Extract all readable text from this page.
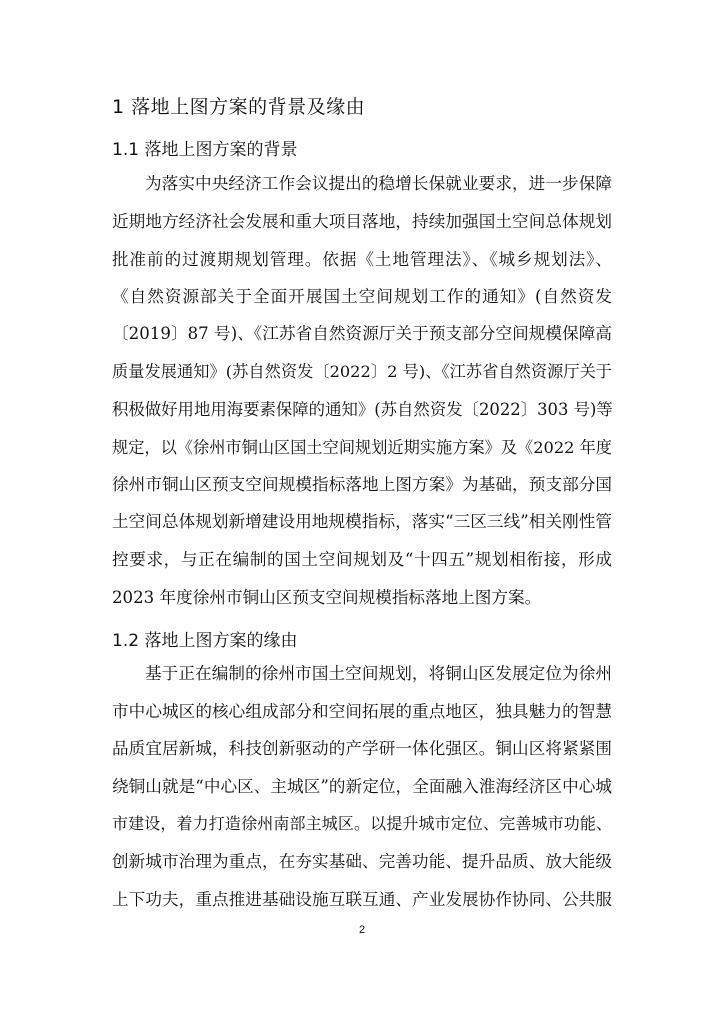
1 落地上图方案的背景及缘由
1.1 落地上图方案的背景
为落实中央经济工作会议提出的稳增长保就业要求，进一步保障
近期地方经济社会发展和重大项目落地，持续加强国土空间总体规划
批准前的过渡期规划管理。依据《土地管理法》、《城乡规划法》、
《自然资源部关于全面开展国土空间规划工作的通知》(自然资发
〔2019〕87 号)、《江苏省自然资源厅关于预支部分空间规模保障高
质量发展通知》(苏自然资发〔2022〕2 号)、《江苏省自然资源厅关于
积极做好用地用海要素保障的通知》(苏自然资发〔2022〕303 号)等
规定，以《徐州市铜山区国土空间规划近期实施方案》及《2022 年度
徐州市铜山区预支空间规模指标落地上图方案》为基础，预支部分国
土空间总体规划新增建设用地规模指标，落实“三区三线”相关刚性管
控要求，与正在编制的国土空间规划及“十四五”规划相衔接，形成
2023 年度徐州市铜山区预支空间规模指标落地上图方案。
1.2 落地上图方案的缘由
基于正在编制的徐州市国土空间规划，将铜山区发展定位为徐州
市中心城区的核心组成部分和空间拓展的重点地区，独具魅力的智慧
品质宜居新城，科技创新驱动的产学研一体化强区。铜山区将紧紧围
绕铜山就是“中心区、主城区”的新定位，全面融入淮海经济区中心城
市建设，着力打造徐州南部主城区。以提升城市定位、完善城市功能、
创新城市治理为重点，在夯实基础、完善功能、提升品质、放大能级
上下功夫，重点推进基础设施互联互通、产业发展协作协同、公共服
2
